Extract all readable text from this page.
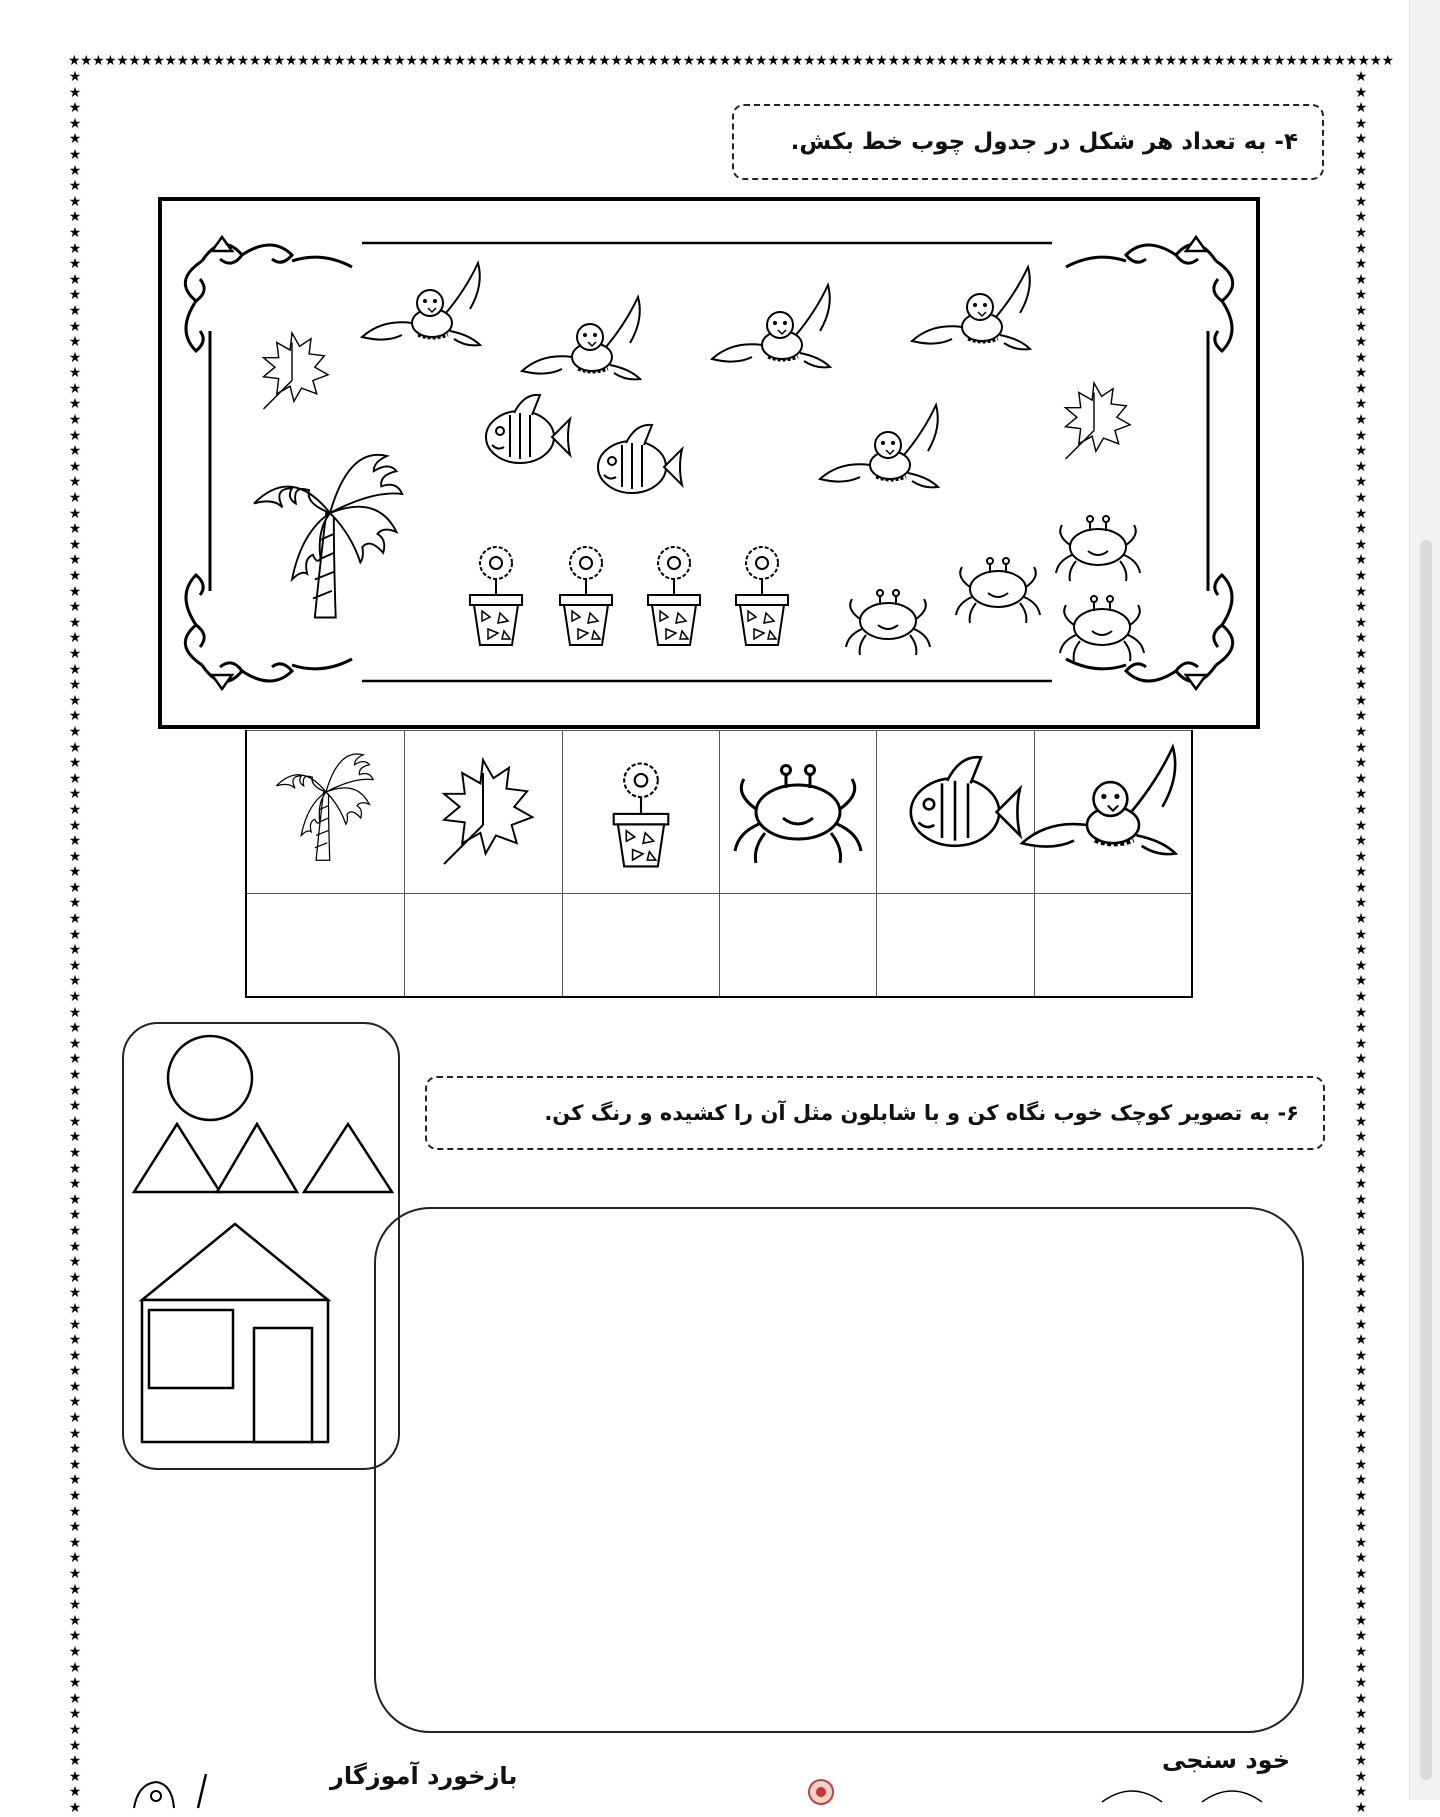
★★★★★★★★★★★★★★★★★★★★★★★★★★★★★★★★★★★★★★★★★★★★★★★★★★★★★★★★★★★★★★★★★★★★★★★★★★★★★★★★★★★★★★★★★★★★★★★★★★★★★★★★★★★★★★
★★★★★★★★★★★★★★★★★★★★★★★★★★★★★★★★★★★★★★★★★★★★★★★★★★★★★★★★★★★★★★★★★★★★★★★★★★★★★★★★★★★★★★★★★★★★★★★★★★★★★★★★★★★★★★★★
★★★★★★★★★★★★★★★★★★★★★★★★★★★★★★★★★★★★★★★★★★★★★★★★★★★★★★★★★★★★★★★★★★★★★★★★★★★★★★★★★★★★★★★★★★★★★★★★★★★★★★★★★★★★★★★★
۴- به تعداد هر شکل در جدول چوب خط بکش.
۶- به تصویر کوچک خوب نگاه کن و با شابلون مثل آن را کشیده و رنگ کن.
خود سنجی
بازخورد آموزگار
